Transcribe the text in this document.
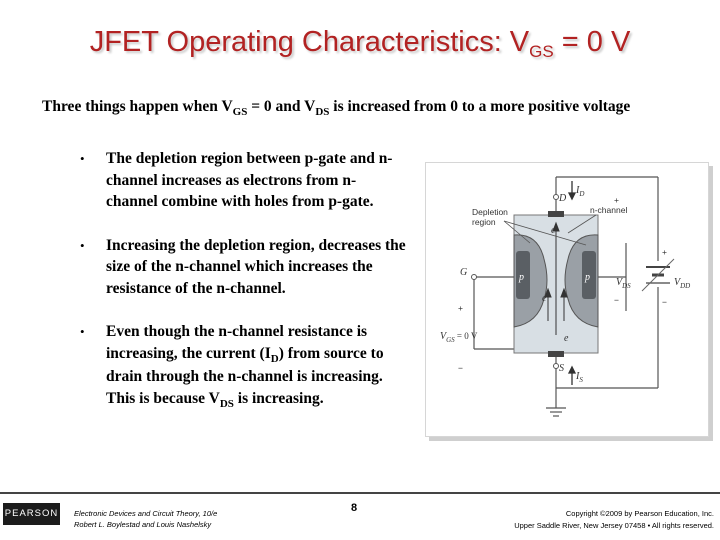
JFET Operating Characteristics: $V_{GS} = 0$ V
Three things happen when $V_{GS} = 0$ and $V_{DS}$ is increased from 0 to a more positive voltage
• The depletion region between p-gate and n-channel increases as electrons from n-channel combine with holes from p-gate.
• Increasing the depletion region, decreases the size of the n-channel which increases the resistance of the n-channel.
• Even though the n-channel resistance is increasing, the current $(I_D)$ from source to drain through the n-channel is increasing. This is because $V_{DS}$ is increasing.
p	p
e
e
e
Depletion
region
n-channel
$I_D$
D
G
S
$I_S$
$V_{DS}$	$V_{DD}$
$V_{GS} = 0$ V
+
−
+
−
+
−
PEARSON Electronic Devices and Circuit Theory, 10/e
Robert L. Boylestad and Louis Nashelsky
8	Copyright ©2009 by Pearson Education, Inc.
Upper Saddle River, New Jersey 07458 • All rights reserved.
